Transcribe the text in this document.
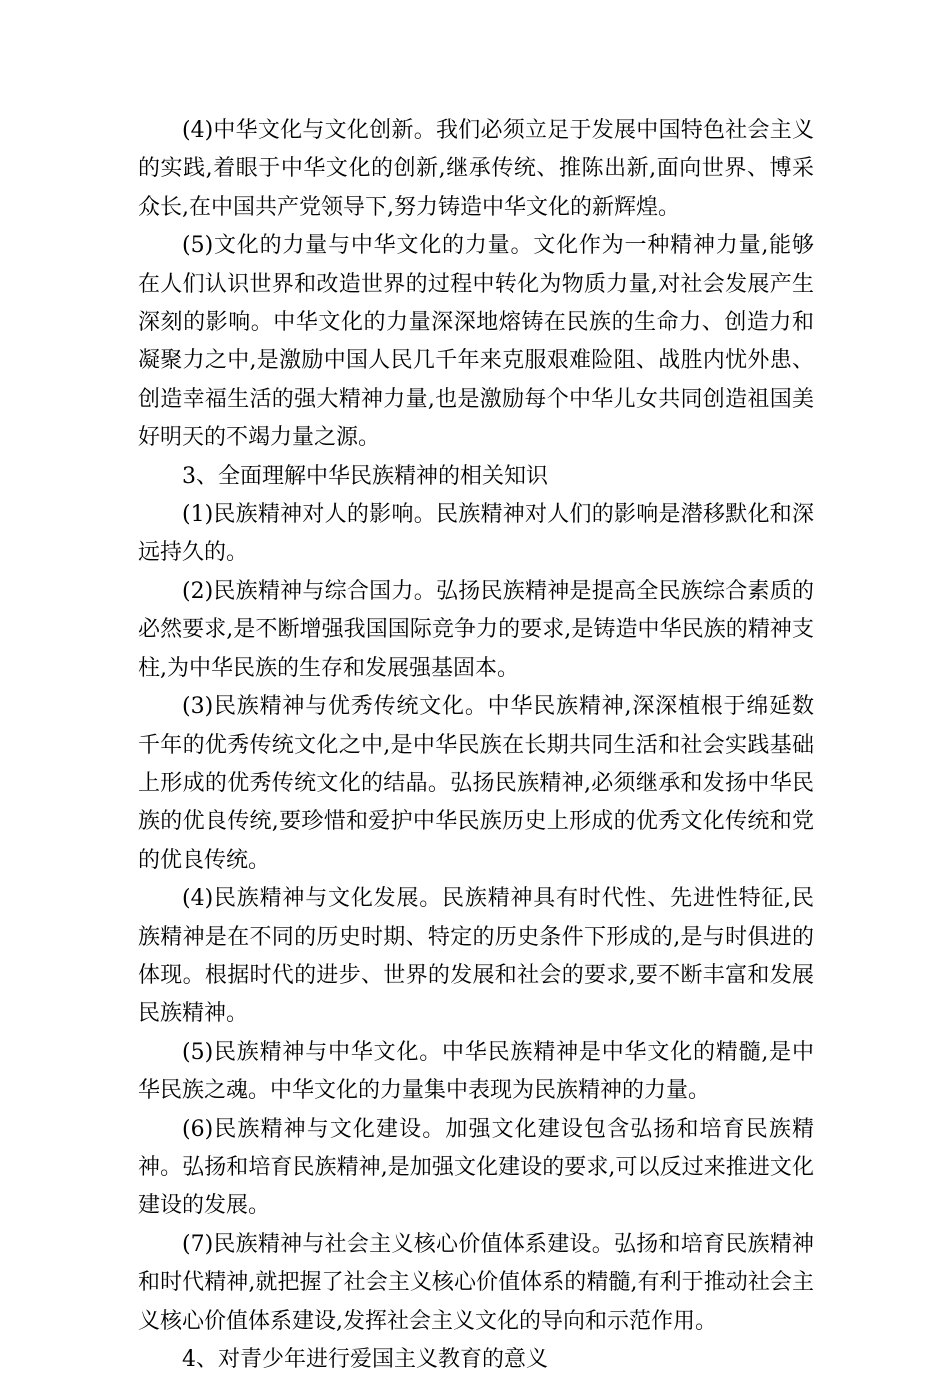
(4)中华文化与文化创新。我们必须立足于发展中国特色社会主义的实践,着眼于中华文化的创新,继承传统、推陈出新,面向世界、博采众长,在中国共产党领导下,努力铸造中华文化的新辉煌。

(5)文化的力量与中华文化的力量。文化作为一种精神力量,能够在人们认识世界和改造世界的过程中转化为物质力量,对社会发展产生深刻的影响。中华文化的力量深深地熔铸在民族的生命力、创造力和凝聚力之中,是激励中国人民几千年来克服艰难险阻、战胜内忧外患、创造幸福生活的强大精神力量,也是激励每个中华儿女共同创造祖国美好明天的不竭力量之源。

3、全面理解中华民族精神的相关知识

(1)民族精神对人的影响。民族精神对人们的影响是潜移默化和深远持久的。

(2)民族精神与综合国力。弘扬民族精神是提高全民族综合素质的必然要求,是不断增强我国国际竞争力的要求,是铸造中华民族的精神支柱,为中华民族的生存和发展强基固本。

(3)民族精神与优秀传统文化。中华民族精神,深深植根于绵延数千年的优秀传统文化之中,是中华民族在长期共同生活和社会实践基础上形成的优秀传统文化的结晶。弘扬民族精神,必须继承和发扬中华民族的优良传统,要珍惜和爱护中华民族历史上形成的优秀文化传统和党的优良传统。

(4)民族精神与文化发展。民族精神具有时代性、先进性特征,民族精神是在不同的历史时期、特定的历史条件下形成的,是与时俱进的体现。根据时代的进步、世界的发展和社会的要求,要不断丰富和发展民族精神。

(5)民族精神与中华文化。中华民族精神是中华文化的精髓,是中华民族之魂。中华文化的力量集中表现为民族精神的力量。

(6)民族精神与文化建设。加强文化建设包含弘扬和培育民族精神。弘扬和培育民族精神,是加强文化建设的要求,可以反过来推进文化建设的发展。

(7)民族精神与社会主义核心价值体系建设。弘扬和培育民族精神和时代精神,就把握了社会主义核心价值体系的精髓,有利于推动社会主义核心价值体系建设,发挥社会主义文化的导向和示范作用。

4、对青少年进行爱国主义教育的意义
